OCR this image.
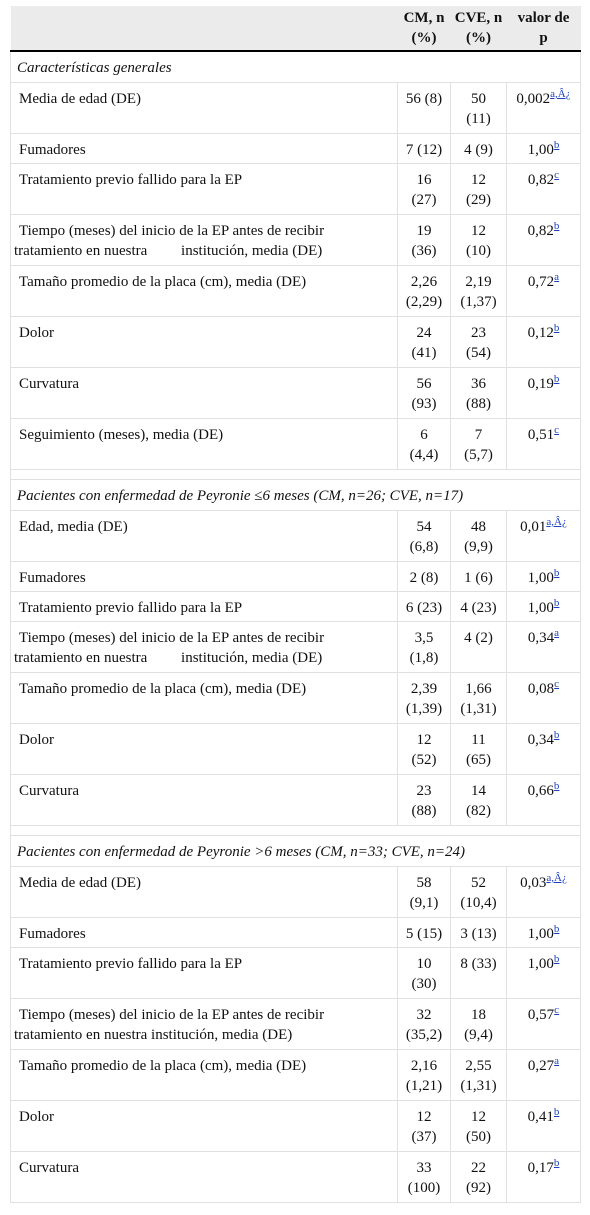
	CM, n
(%)	CVE, n
(%)	valor de
p

Características generales			

Media de edad (DE)	56 (8)	50
(11)	0,002$^{a,Â¿}$

Fumadores	7 (12)	4 (9)	1,00$^b$

Tratamiento previo fallido para la EP	16
(27)	12
(29)	0,82$^c$

Tiempo (meses) del inicio de la EP antes de recibir
tratamiento en nuestra         institución, media (DE)	19
(36)	12
(10)	0,82$^b$

Tamaño promedio de la placa (cm), media (DE)	2,26
(2,29)	2,19
(1,37)	0,72$^a$

Dolor	24
(41)	23
(54)	0,12$^b$

Curvatura	56
(93)	36
(88)	0,19$^b$

Seguimiento (meses), media (DE)	6
(4,4)	7
(5,7)	0,51$^c$

Pacientes con enfermedad de Peyronie ≤6 meses (CM, n=26; CVE, n=17)			

Edad, media (DE)	54
(6,8)	48
(9,9)	0,01$^{a,Â¿}$

Fumadores	2 (8)	1 (6)	1,00$^b$

Tratamiento previo fallido para la EP	6 (23)	4 (23)	1,00$^b$

Tiempo (meses) del inicio de la EP antes de recibir
tratamiento en nuestra         institución, media (DE)	3,5
(1,8)	4 (2)	0,34$^a$

Tamaño promedio de la placa (cm), media (DE)	2,39
(1,39)	1,66
(1,31)	0,08$^c$

Dolor	12
(52)	11
(65)	0,34$^b$

Curvatura	23
(88)	14
(82)	0,66$^b$

Pacientes con enfermedad de Peyronie >6 meses (CM, n=33; CVE, n=24)			

Media de edad (DE)	58
(9,1)	52
(10,4)	0,03$^{a,Â¿}$

Fumadores	5 (15)	3 (13)	1,00$^b$

Tratamiento previo fallido para la EP	10
(30)	8 (33)	1,00$^b$

Tiempo (meses) del inicio de la EP antes de recibir
tratamiento en nuestra institución, media (DE)	32
(35,2)	18
(9,4)	0,57$^c$

Tamaño promedio de la placa (cm), media (DE)	2,16
(1,21)	2,55
(1,31)	0,27$^a$

Dolor	12
(37)	12
(50)	0,41$^b$

Curvatura	33
(100)	22
(92)	0,17$^b$
